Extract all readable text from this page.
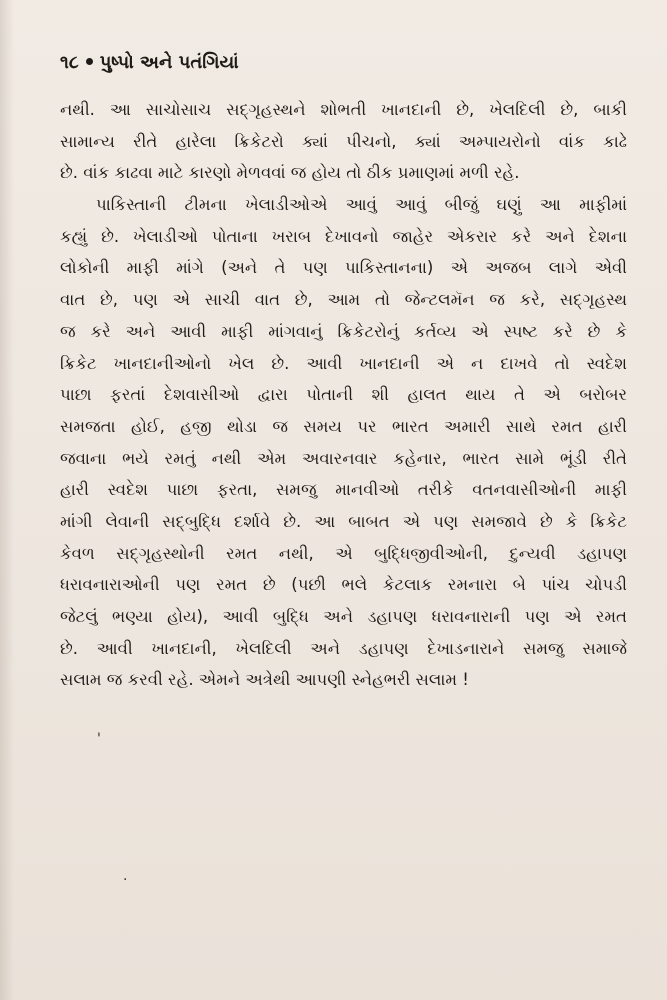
૧૮ પુષ્પો અને પતંગિયાં
નથી. આ સાચોસાચ સદ્‌ગૃહસ્થને શોભતી ખાનદાની છે, ખેલદિલી છે, બાકી
સામાન્ય રીતે હારેલા ક્રિકેટરો ક્યાં પીચનો, ક્યાં અમ્પાયરોનો વાંક કાઢે
છે. વાંક કાઢવા માટે કારણો મેળવવાં જ હોય તો ઠીક પ્રમાણમાં મળી રહે.
પાકિસ્તાની ટીમના ખેલાડીઓએ આવું આવું બીજું ઘણું આ માફીમાં
કહ્યું છે. ખેલાડીઓ પોતાના ખરાબ દેખાવનો જાહેર એકરાર કરે અને દેશના
લોકોની માફી માંગે (અને તે પણ પાકિસ્તાનના) એ અજબ લાગે એવી
વાત છે, પણ એ સાચી વાત છે, આમ તો જેન્ટલમૅન જ કરે, સદ્‌ગૃહસ્થ
જ કરે અને આવી માફી માંગવાનું ક્રિકેટરોનું કર્તવ્ય એ સ્પષ્ટ કરે છે કે
ક્રિકેટ ખાનદાનીઓનો ખેલ છે. આવી ખાનદાની એ ન દાખવે તો સ્વદેશ
પાછા ફરતાં દેશવાસીઓ દ્વારા પોતાની શી હાલત થાય તે એ બરોબર
સમજતા હોઈ, હજી થોડા જ સમય પર ભારત અમારી સાથે રમત હારી
જવાના ભયે રમતું નથી એમ અવારનવાર કહેનાર, ભારત સામે ભૂંડી રીતે
હારી સ્વદેશ પાછા ફરતા, સમજુ માનવીઓ તરીકે વતનવાસીઓની માફી
માંગી લેવાની સદ્‌બુદ્ધિ દર્શાવે છે. આ બાબત એ પણ સમજાવે છે કે ક્રિકેટ
કેવળ સદ્‌ગૃહસ્થોની રમત નથી, એ બુદ્ધિજીવીઓની, દુન્યવી ડહાપણ
ધરાવનારાઓની પણ રમત છે (પછી ભલે કેટલાક રમનારા બે પાંચ ચોપડી
જેટલું ભણ્યા હોય), આવી બુદ્ધિ અને ડહાપણ ધરાવનારાની પણ એ રમત
છે. આવી ખાનદાની, ખેલદિલી અને ડહાપણ દેખાડનારાને સમજુ સમાજે
સલામ જ કરવી રહે. એમને અત્રેથી આપણી સ્નેહભરી સલામ !
'
.
